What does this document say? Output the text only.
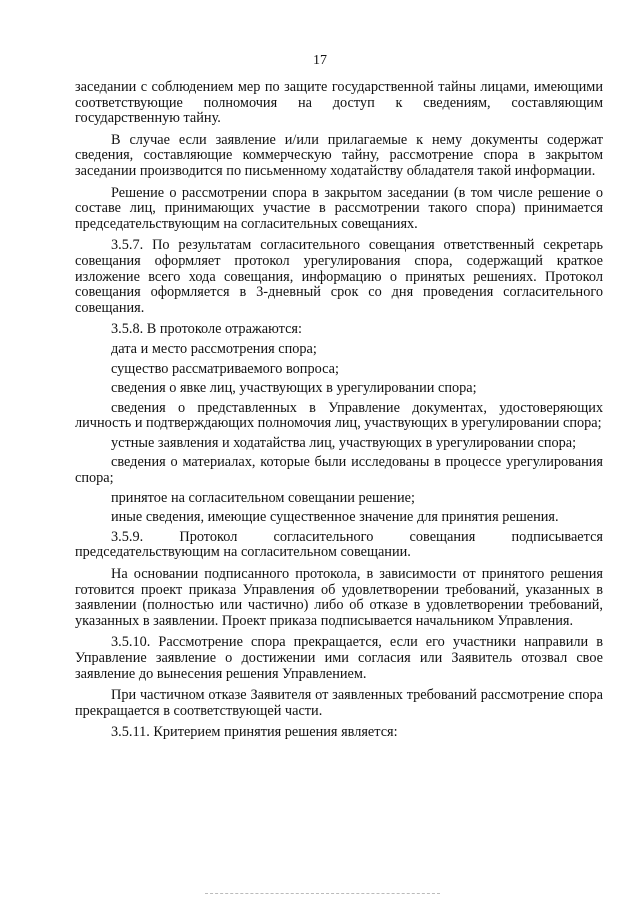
17

заседании с соблюдением мер по защите государственной тайны лицами, имеющими соответствующие полномочия на доступ к сведениям, составляющим государственную тайну.

В случае если заявление и/или прилагаемые к нему документы содержат сведения, составляющие коммерческую тайну, рассмотрение спора в закрытом заседании производится по письменному ходатайству обладателя такой информации.

Решение о рассмотрении спора в закрытом заседании (в том числе решение о составе лиц, принимающих участие в рассмотрении такого спора) принимается председательствующим на согласительных совещаниях.

3.5.7. По результатам согласительного совещания ответственный секретарь совещания оформляет протокол урегулирования спора, содержащий краткое изложение всего хода совещания, информацию о принятых решениях. Протокол совещания оформляется в 3-дневный срок со дня проведения согласительного совещания.

3.5.8. В протоколе отражаются:

дата и место рассмотрения спора;

существо рассматриваемого вопроса;

сведения о явке лиц, участвующих в урегулировании спора;

сведения о представленных в Управление документах, удостоверяющих личность и подтверждающих полномочия лиц, участвующих в урегулировании спора;

устные заявления и ходатайства лиц, участвующих в урегулировании спора;

сведения о материалах, которые были исследованы в процессе урегулирования спора;

принятое на согласительном совещании решение;

иные сведения, имеющие существенное значение для принятия решения.

3.5.9. Протокол согласительного совещания подписывается председательствующим на согласительном совещании.

На основании подписанного протокола, в зависимости от принятого решения готовится проект приказа Управления об удовлетворении требований, указанных в заявлении (полностью или частично) либо об отказе в удовлетворении требований, указанных в заявлении. Проект приказа подписывается начальником Управления.

3.5.10. Рассмотрение спора прекращается, если его участники направили в Управление заявление о достижении ими согласия или Заявитель отозвал свое заявление до вынесения решения Управлением.

При частичном отказе Заявителя от заявленных требований рассмотрение спора прекращается в соответствующей части.

3.5.11. Критерием принятия решения является:
